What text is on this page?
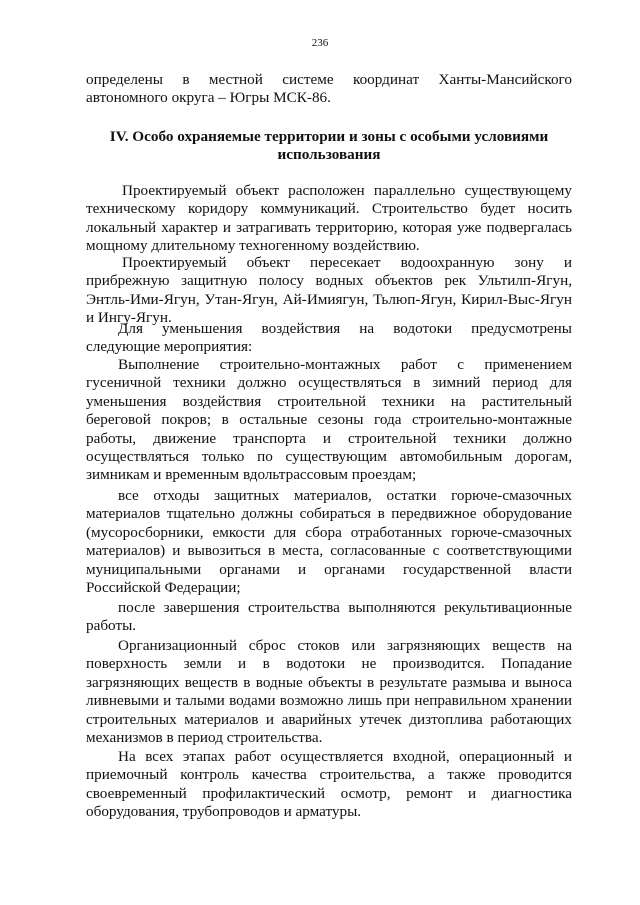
236

определены в местной системе координат Ханты-Мансийского

автономного округа – Югры МСК-86.

IV. Особо охраняемые территории и зоны с особыми условиями
использования

Проектируемый объект расположен параллельно существующему техническому коридору коммуникаций. Строительство будет носить локальный характер и затрагивать территорию, которая уже подвергалась мощному длительному техногенному воздействию.

Проектируемый объект пересекает водоохранную зону и прибрежную защитную полосу водных объектов рек Ультилп-Ягун, Энтль-Ими-Ягун, Утан-Ягун, Ай-Имиягун, Тьлюп-Ягун, Кирил-Выс-Ягун и Ингу-Ягун.

Для уменьшения воздействия на водотоки предусмотрены следующие мероприятия:

Выполнение строительно-монтажных работ с применением гусеничной техники должно осуществляться в зимний период для уменьшения воздействия строительной техники на растительный береговой покров; в остальные сезоны года строительно-монтажные работы, движение транспорта и строительной техники должно осуществляться только по существующим автомобильным дорогам, зимникам и временным вдольтрассовым проездам;

все отходы защитных материалов, остатки горюче-смазочных материалов тщательно должны собираться в передвижное оборудование (мусоросборники, емкости для сбора отработанных горюче-смазочных материалов) и вывозиться в места, согласованные с соответствующими муниципальными органами и органами государственной власти Российской Федерации;

после завершения строительства выполняются рекультивационные работы.

Организационный сброс стоков или загрязняющих веществ на поверхность земли и в водотоки не производится. Попадание загрязняющих веществ в водные объекты в результате размыва и выноса ливневыми и талыми водами возможно лишь при неправильном хранении строительных материалов и аварийных утечек дизтоплива работающих механизмов в период строительства.

На всех этапах работ осуществляется входной, операционный и приемочный контроль качества строительства, а также проводится своевременный профилактический осмотр, ремонт и диагностика оборудования, трубопроводов и арматуры.
